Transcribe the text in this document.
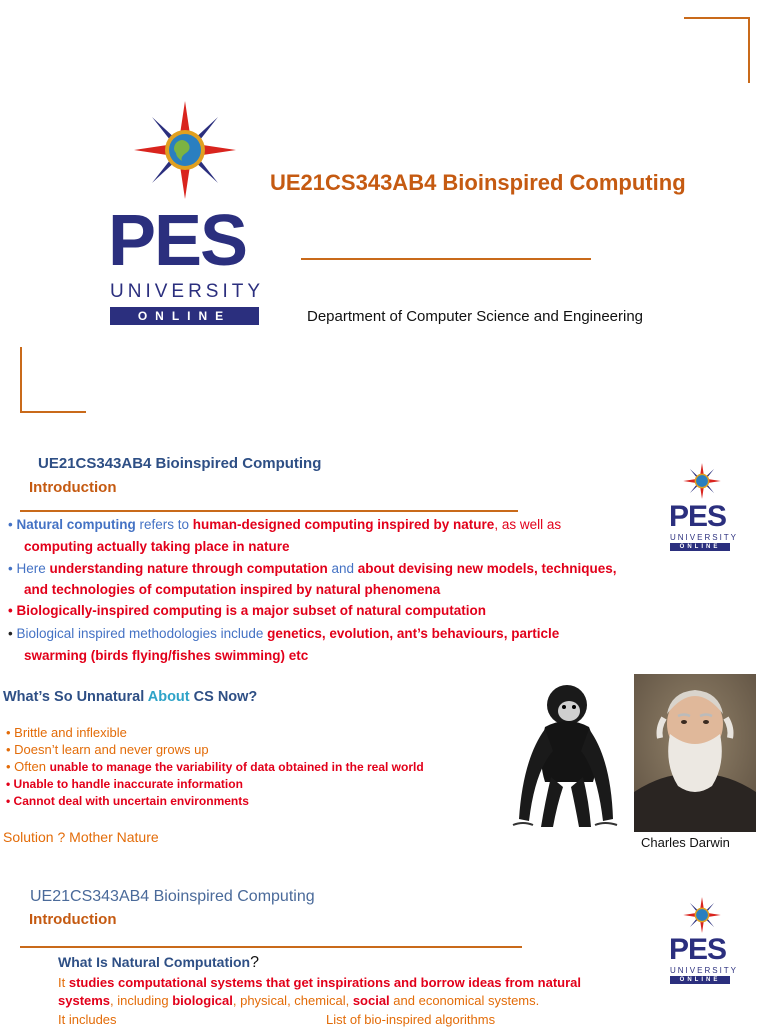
PES
UNIVERSITY
ONLINE
UE21CS343AB4 Bioinspired Computing
Department of Computer Science and Engineering
UE21CS343AB4 Bioinspired Computing
Introduction
PES
UNIVERSITY
ONLINE
• Natural computing refers to human-designed computing inspired by nature, as well as
computing actually taking place in nature
• Here understanding nature through computation and about devising new models, techniques,
and technologies of computation inspired by natural phenomena
• Biologically-inspired computing is a major subset of natural computation
• Biological inspired methodologies include genetics, evolution, ant’s behaviours, particle
swarming (birds flying/fishes swimming) etc
What’s So Unnatural About CS Now?
• Brittle and inflexible
• Doesn’t learn and never grows up
• Often unable to manage the variability of data obtained in the real world
• Unable to handle inaccurate information
• Cannot deal with uncertain environments
Solution ? Mother Nature	Charles Darwin
UE21CS343AB4 Bioinspired Computing
Introduction
PES
UNIVERSITY
ONLINE
What Is Natural Computation?
It studies computational systems that get inspirations and borrow ideas from natural
systems, including biological, physical, chemical, social and economical systems.
It includes	List of bio-inspired algorithms
